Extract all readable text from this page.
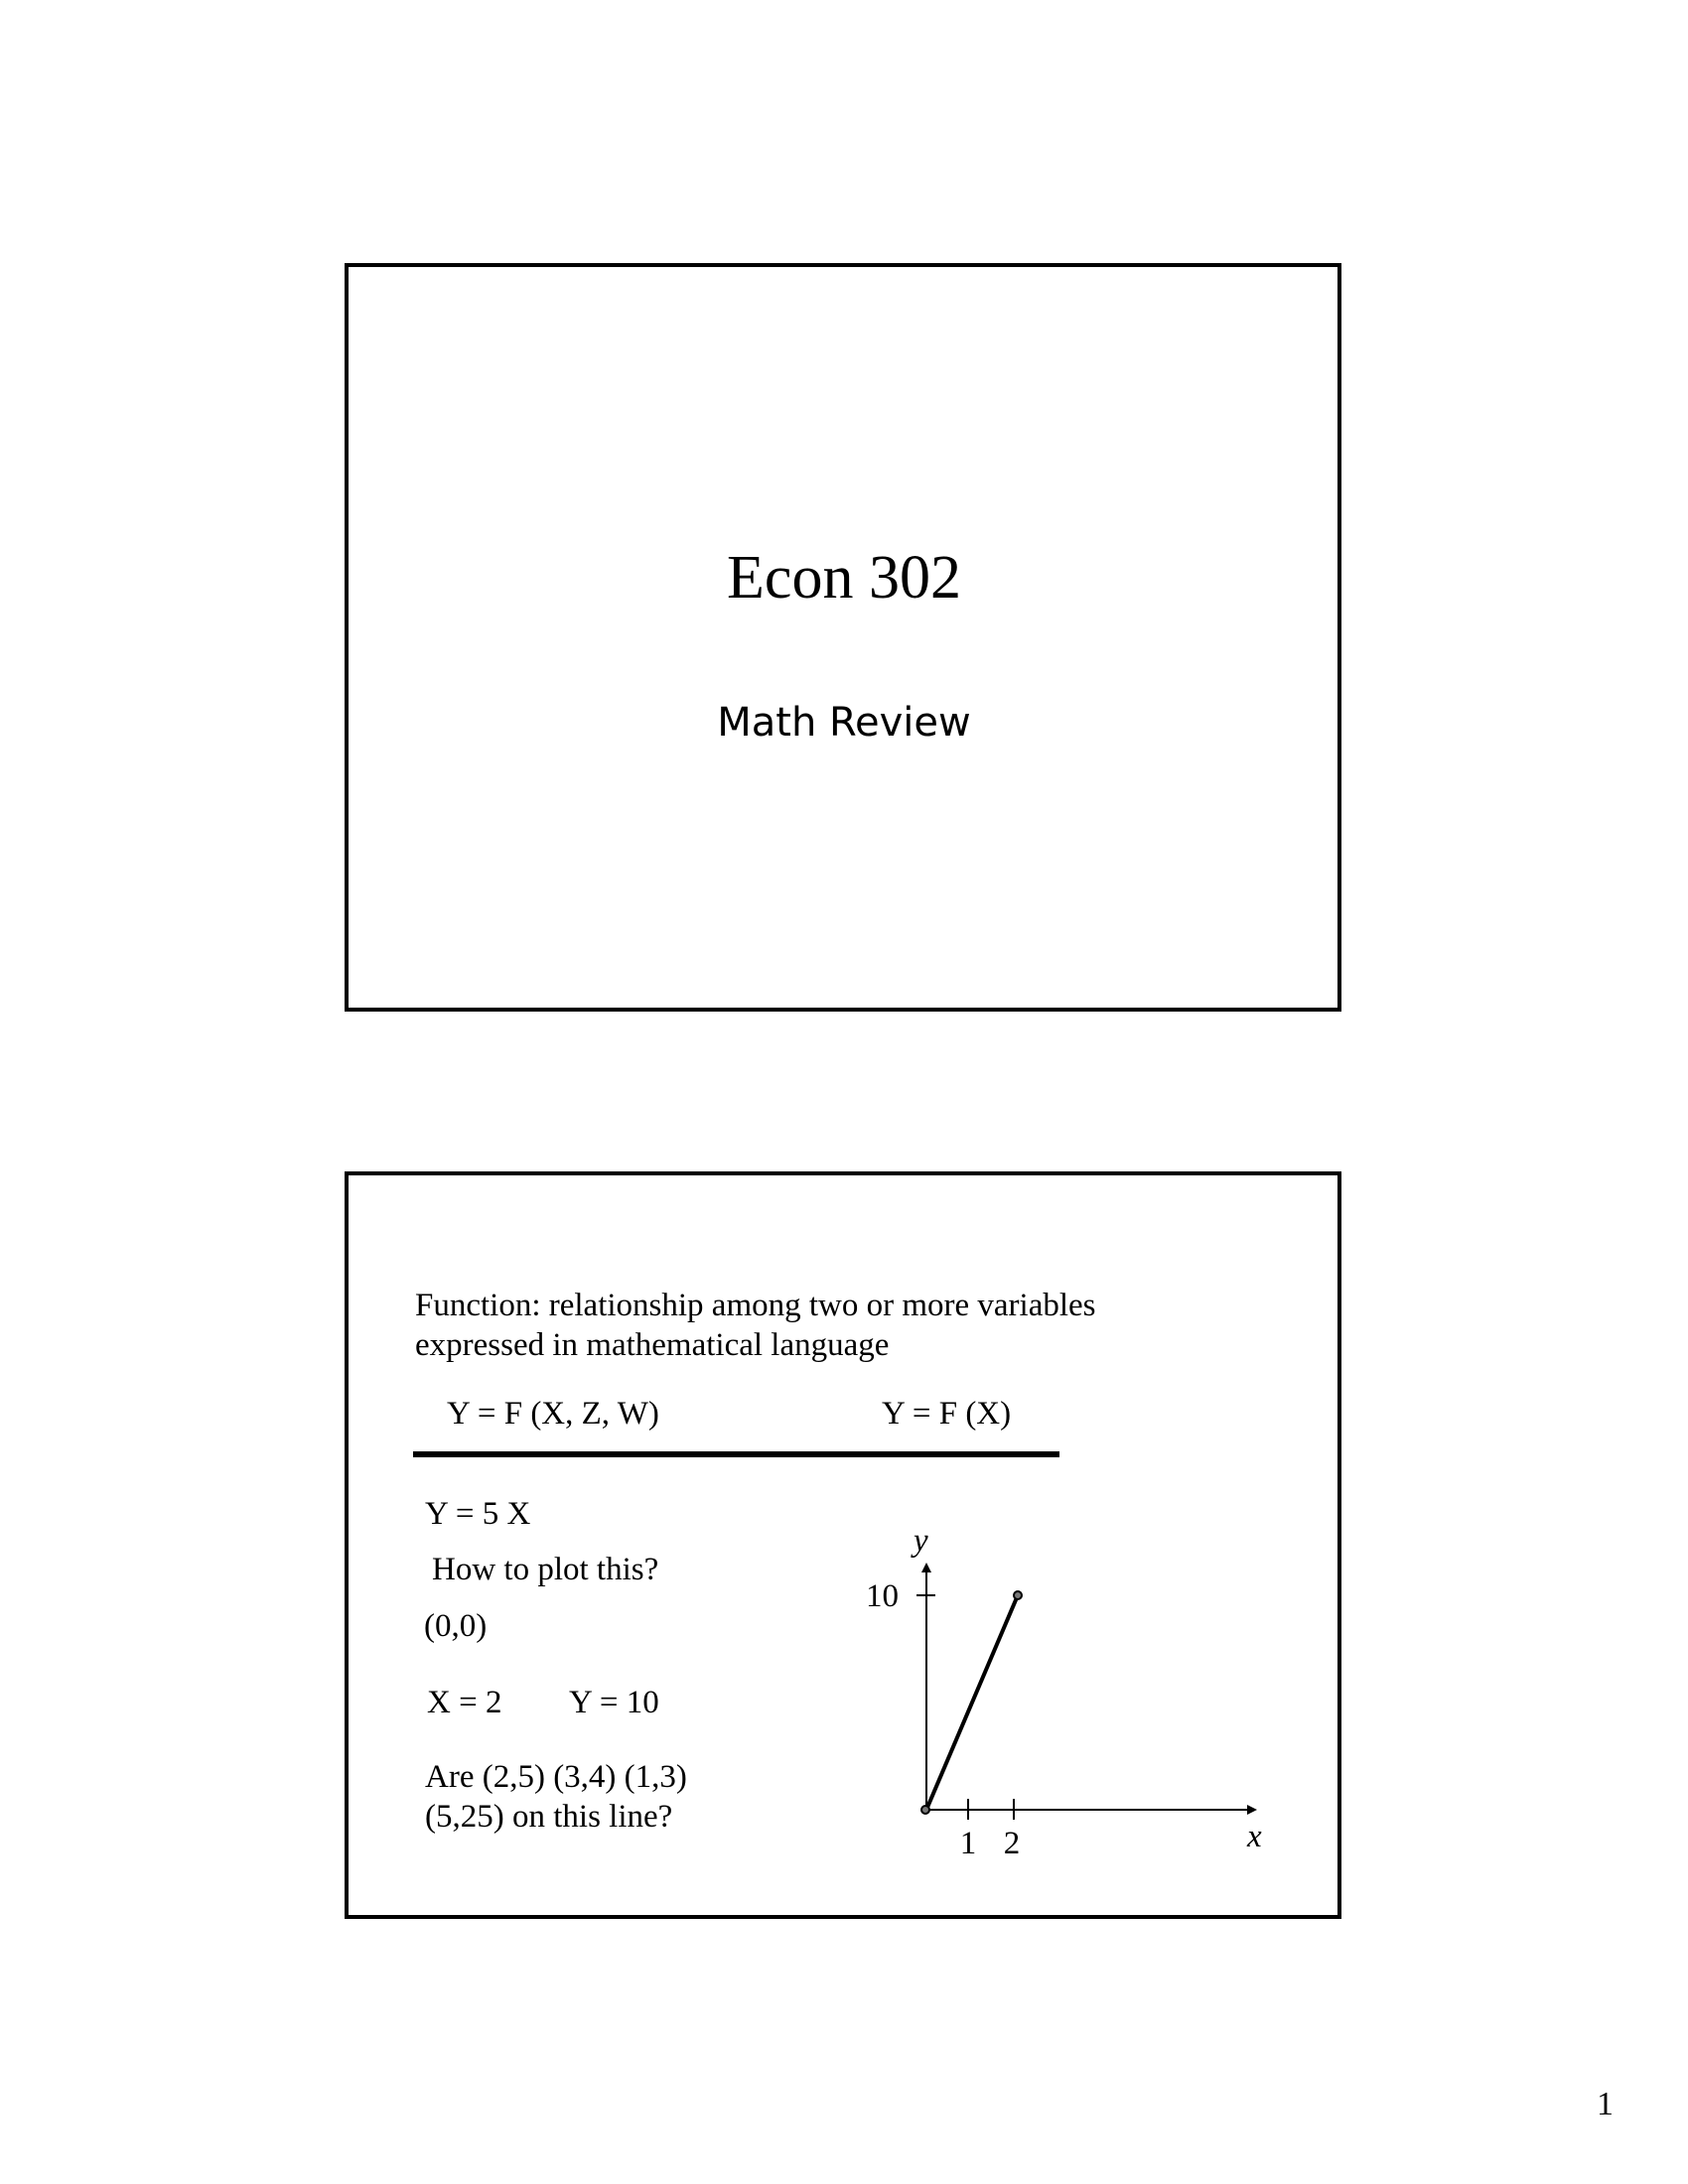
Econ 302
Math Review
Function: relationship among two or more variables
expressed in mathematical language
Y = F (X, Z, W)	Y = F (X)
Y = 5 X
How to plot this?
(0,0)
X = 2 Y = 10
Are (2,5) (3,4) (1,3)
(5,25) on this line?
10
1 2
y
x
1
